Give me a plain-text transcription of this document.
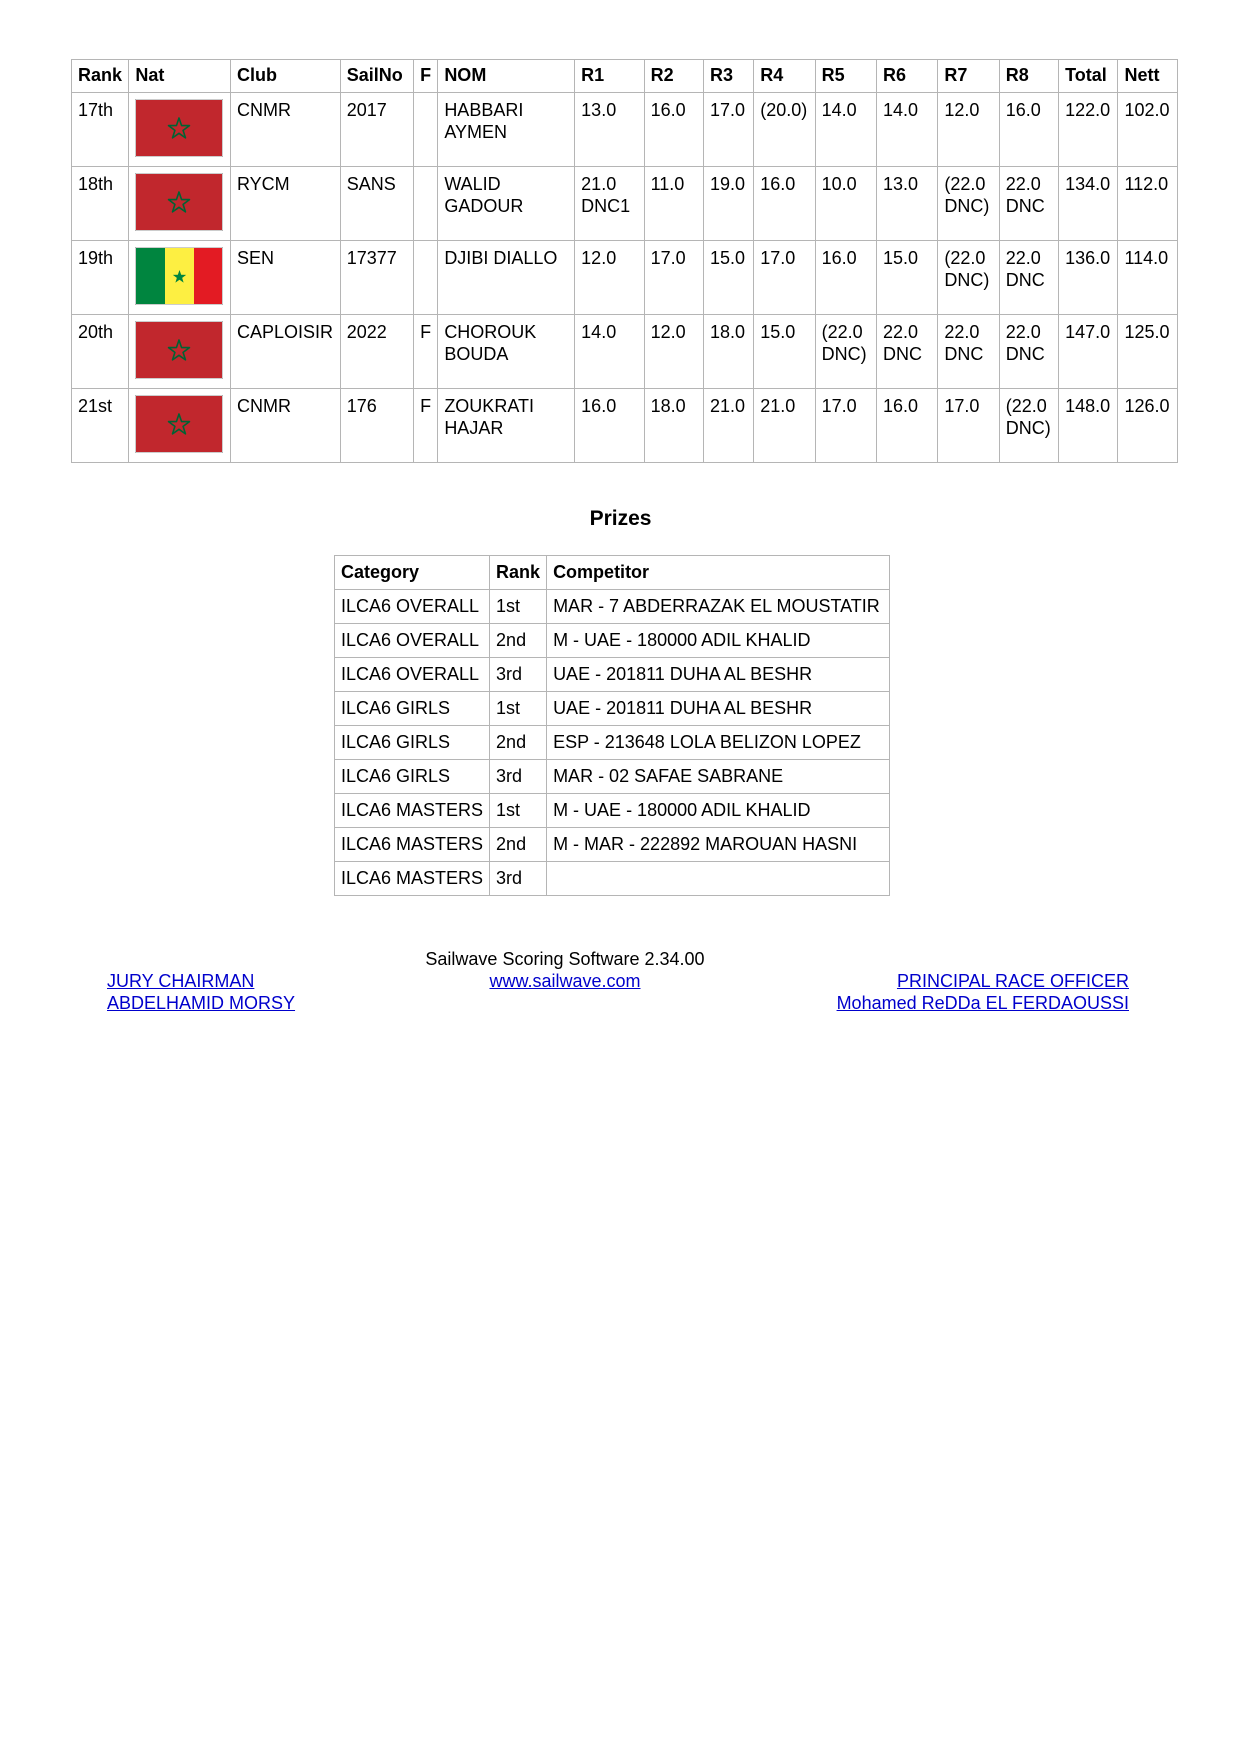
Rank	Nat	Club	SailNo	F	NOM	R1	R2	R3	R4	R5	R6	R7	R8	Total	Nett
17th		CNMR	2017		HABBARI AYMEN	13.0	16.0	17.0	(20.0)	14.0	14.0	12.0	16.0	122.0	102.0
18th		RYCM	SANS		WALID GADOUR	21.0 DNC1	11.0	19.0	16.0	10.0	13.0	(22.0 DNC)	22.0 DNC	134.0	112.0
19th		SEN	17377		DJIBI DIALLO	12.0	17.0	15.0	17.0	16.0	15.0	(22.0 DNC)	22.0 DNC	136.0	114.0
20th		CAPLOISIR	2022	F	CHOROUK BOUDA	14.0	12.0	18.0	15.0	(22.0 DNC)	22.0 DNC	22.0 DNC	22.0 DNC	147.0	125.0
21st		CNMR	176	F	ZOUKRATI HAJAR	16.0	18.0	21.0	21.0	17.0	16.0	17.0	(22.0 DNC)	148.0	126.0
Prizes
Category	Rank	Competitor
ILCA6 OVERALL	1st	MAR - 7 ABDERRAZAK EL MOUSTATIR
ILCA6 OVERALL	2nd	M - UAE - 180000 ADIL KHALID
ILCA6 OVERALL	3rd	UAE - 201811 DUHA AL BESHR
ILCA6 GIRLS	1st	UAE - 201811 DUHA AL BESHR
ILCA6 GIRLS	2nd	ESP - 213648 LOLA BELIZON LOPEZ
ILCA6 GIRLS	3rd	MAR - 02 SAFAE SABRANE
ILCA6 MASTERS	1st	M - UAE - 180000 ADIL KHALID
ILCA6 MASTERS	2nd	M - MAR - 222892 MAROUAN HASNI
ILCA6 MASTERS	3rd	
Sailwave Scoring Software 2.34.00
www.sailwave.com
JURY CHAIRMAN
ABDELHAMID MORSY
PRINCIPAL RACE OFFICER
Mohamed ReDDa EL FERDAOUSSI
